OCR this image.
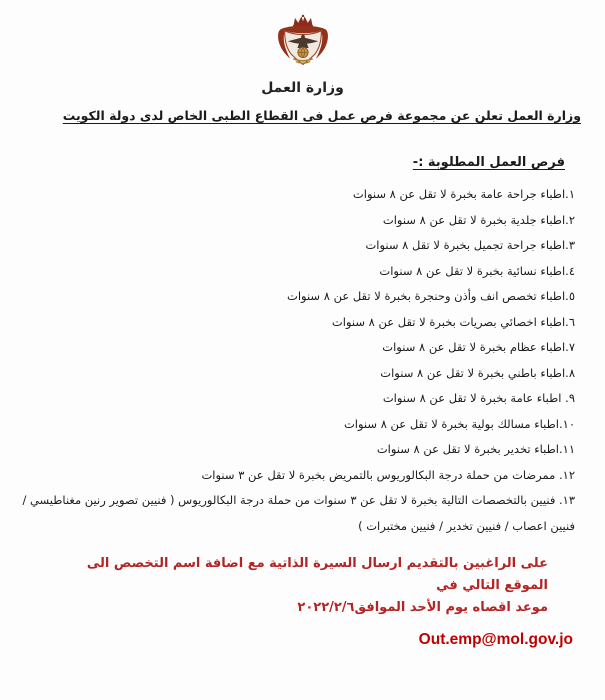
وزارة العمل
وزارة العمل تعلن عن مجموعة فرص عمل فى القطاع الطبى الخاص لدى دولة الكويت
فرص العمل المطلوبة :-
١.اطباء جراحة عامة بخبرة لا تقل عن ٨ سنوات
٢.اطباء جلدية بخبرة لا تقل عن ٨ سنوات
٣.اطباء جراحة تجميل بخبرة لا تقل ٨ سنوات
٤.اطباء نسائية بخبرة لا تقل عن ٨ سنوات
٥.اطباء تخصص انف وأذن وحنجرة بخبرة لا تقل عن ٨ سنوات
٦.اطباء اخصائي بصريات بخبرة لا تقل عن ٨ سنوات
٧.اطباء عظام بخبرة لا تقل عن ٨ سنوات
٨.اطباء باطني بخبرة لا تقل عن ٨ سنوات
٩. اطباء عامة بخبرة لا تقل عن ٨ سنوات
١٠.اطباء مسالك بولية بخبرة لا تقل عن ٨ سنوات
١١.اطباء تخدير بخبرة لا تقل عن ٨ سنوات
١٢. ممرضات من حملة درجة البكالوريوس بالتمريض بخبرة لا تقل عن ٣ سنوات
١٣. فنيين بالتخصصات التالية بخبرة لا تقل عن ٣ سنوات من حملة درجة البكالوريوس ( فنيين تصوير رنين مغناطيسي / فنيين اعصاب / فنيين تخدير / فنيين مختبرات )
على الراغبين بالتقديم ارسال السيرة الذاتية مع اضافة اسم التخصص الى الموقع التالي في
موعد اقصاه يوم الأحد الموافق٢٠٢٢/٢/٦
Out.emp@mol.gov.jo
